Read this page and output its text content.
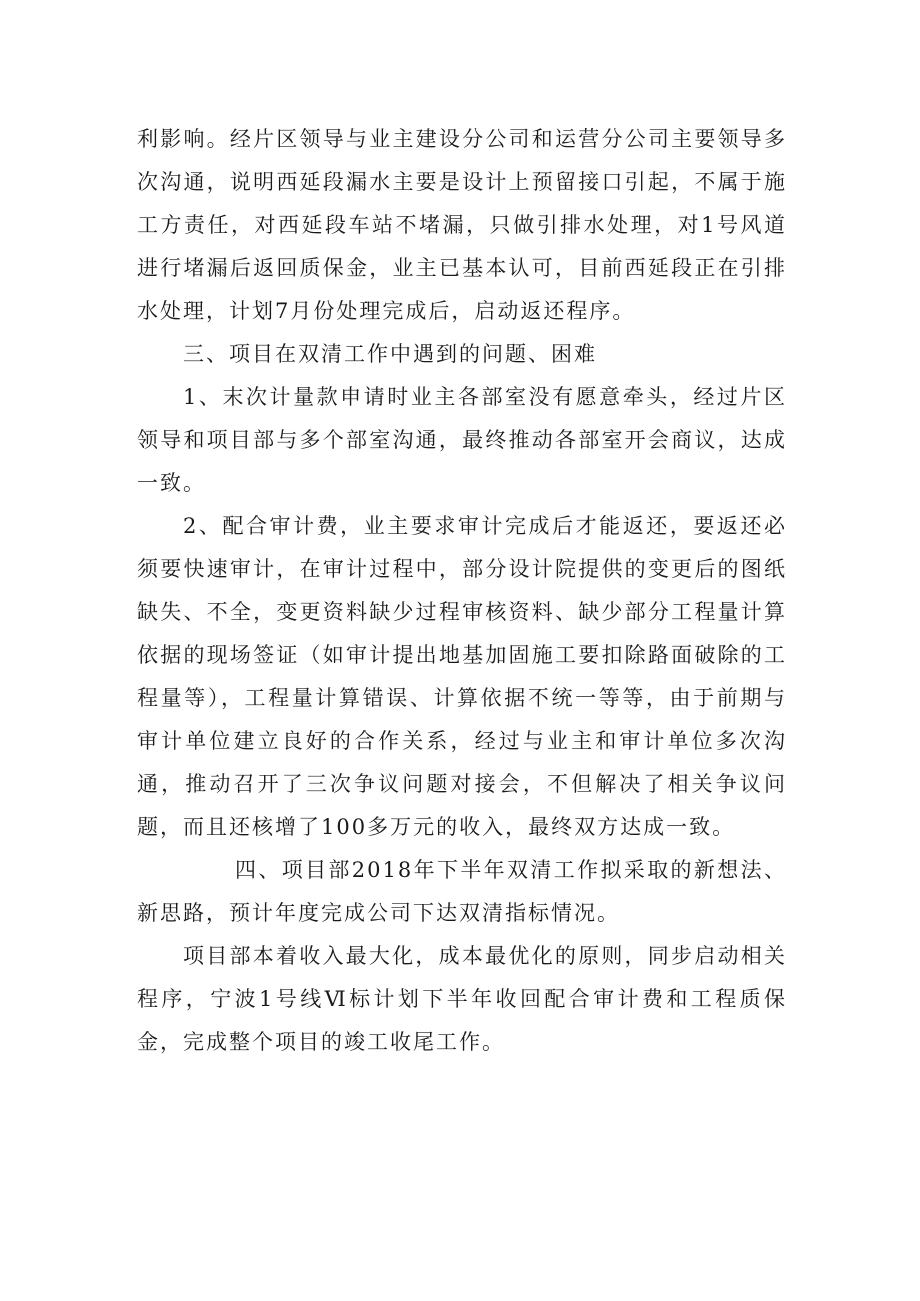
利影响。经片区领导与业主建设分公司和运营分公司主要领导多次沟通，说明西延段漏水主要是设计上预留接口引起，不属于施工方责任，对西延段车站不堵漏，只做引排水处理，对1号风道进行堵漏后返回质保金，业主已基本认可，目前西延段正在引排水处理，计划7月份处理完成后，启动返还程序。

三、项目在双清工作中遇到的问题、困难

1、末次计量款申请时业主各部室没有愿意牵头，经过片区领导和项目部与多个部室沟通，最终推动各部室开会商议，达成一致。

2、配合审计费，业主要求审计完成后才能返还，要返还必须要快速审计，在审计过程中，部分设计院提供的变更后的图纸缺失、不全，变更资料缺少过程审核资料、缺少部分工程量计算依据的现场签证（如审计提出地基加固施工要扣除路面破除的工程量等），工程量计算错误、计算依据不统一等等，由于前期与审计单位建立良好的合作关系，经过与业主和审计单位多次沟通，推动召开了三次争议问题对接会，不但解决了相关争议问题，而且还核增了100多万元的收入，最终双方达成一致。

四、项目部2018年下半年双清工作拟采取的新想法、新思路，预计年度完成公司下达双清指标情况。

项目部本着收入最大化，成本最优化的原则，同步启动相关程序，宁波1号线Ⅵ标计划下半年收回配合审计费和工程质保金，完成整个项目的竣工收尾工作。
